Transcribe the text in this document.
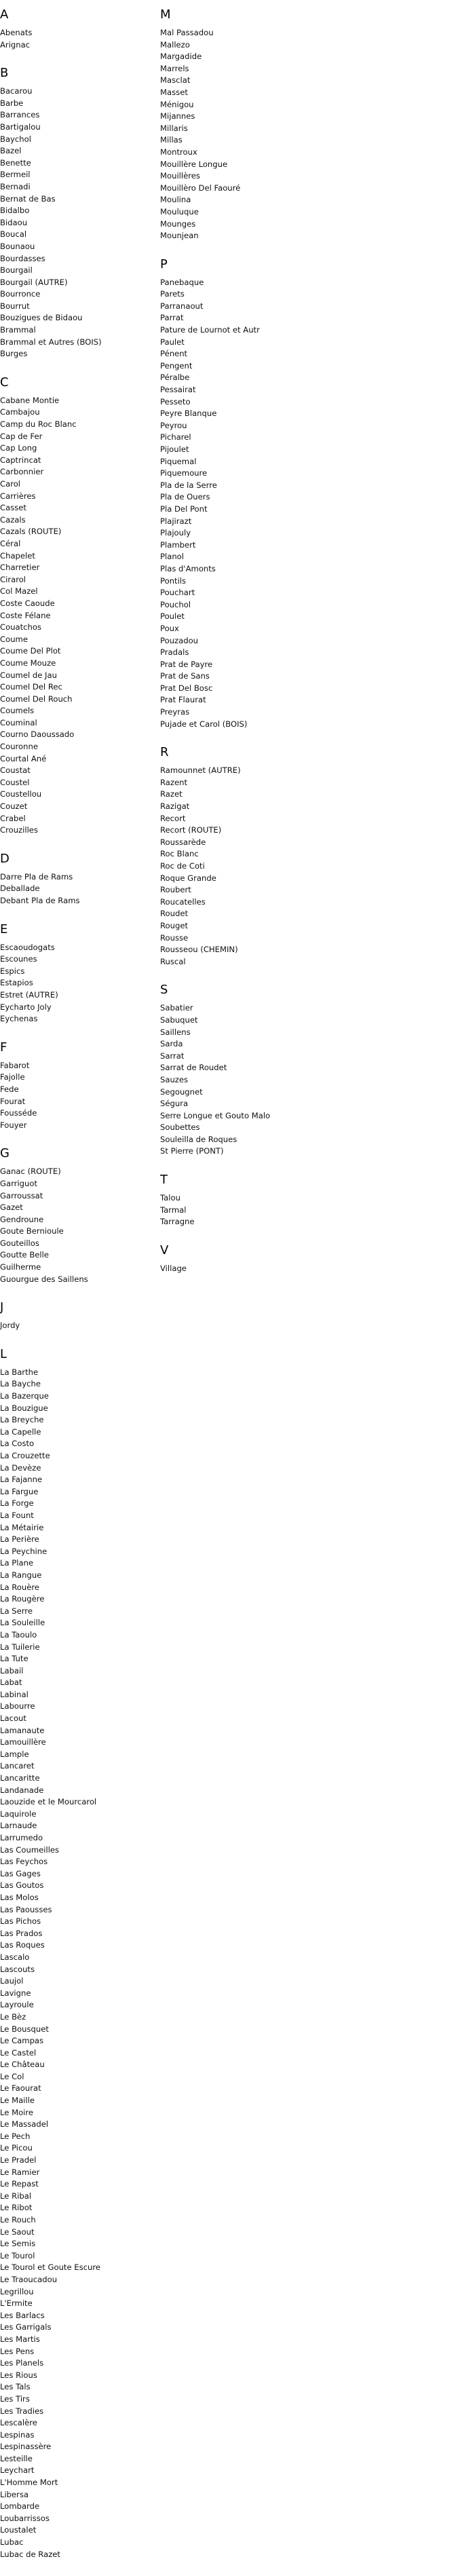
A
Abenats
Arignac
B
Bacarou
Barbe
Barrances
Bartigalou
Baychol
Bazel
Benette
Bermeil
Bernadi
Bernat de Bas
Bidalbo
Bidaou
Boucal
Bounaou
Bourdasses
Bourgail
Bourgail (AUTRE)
Bourronce
Bourrut
Bouzigues de Bidaou
Brammal
Brammal et Autres (BOIS)
Burges
C
Cabane Montie
Cambajou
Camp du Roc Blanc
Cap de Fer
Cap Long
Captrincat
Carbonnier
Carol
Carrières
Casset
Cazals
Cazals (ROUTE)
Céral
Chapelet
Charretier
Cirarol
Col Mazel
Coste Caoude
Coste Félane
Couatchos
Coume
Coume Del Plot
Coume Mouze
Coumel de Jau
Coumel Del Rec
Coumel Del Rouch
Coumels
Couminal
Courno Daoussado
Couronne
Courtal Ané
Coustat
Coustel
Coustellou
Couzet
Crabel
Crouzilles
D
Darre Pla de Rams
Deballade
Debant Pla de Rams
E
Escaoudogats
Escounes
Espics
Estapios
Estret (AUTRE)
Eycharto Joly
Eychenas
F
Fabarot
Fajolle
Fede
Fourat
Fousséde
Fouyer
G
Ganac (ROUTE)
Garriguot
Garroussat
Gazet
Gendroune
Goute Bernioule
Gouteillos
Goutte Belle
Guilherme
Guourgue des Saillens
J
Jordy
L
La Barthe
La Bayche
La Bazerque
La Bouzigue
La Breyche
La Capelle
La Costo
La Crouzette
La Devèze
La Fajanne
La Fargue
La Forge
La Fount
La Métairie
La Perière
La Peychine
La Plane
La Rangue
La Rouère
La Rougère
La Serre
La Souleille
La Taoulo
La Tuilerie
La Tute
Labail
Labat
Labinal
Labourre
Lacout
Lamanaute
Lamouillère
Lample
Lancaret
Lancaritte
Landanade
Laouzide et le Mourcarol
Laquirole
Larnaude
Larrumedo
Las Coumeilles
Las Feychos
Las Gages
Las Goutos
Las Molos
Las Paousses
Las Pichos
Las Prados
Las Roques
Lascalo
Lascouts
Laujol
Lavigne
Layroule
Le Bèz
Le Bousquet
Le Campas
Le Castel
Le Château
Le Col
Le Faourat
Le Maille
Le Moire
Le Massadel
Le Pech
Le Picou
Le Pradel
Le Ramier
Le Repast
Le Ribal
Le Ribot
Le Rouch
Le Saout
Le Semis
Le Tourol
Le Tourol et Goute Escure
Le Traoucadou
Legrillou
L'Ermite
Les Barlacs
Les Garrigals
Les Martis
Les Pens
Les Planels
Les Rious
Les Tals
Les Tirs
Les Tradies
Lescalère
Lespinas
Lespinassère
Lesteille
Leychart
L'Homme Mort
Libersa
Lombarde
Loubarrissos
Loustalet
Lubac
Lubac de Razet
M
Mal Passadou
Mallezo
Margadide
Marrels
Masclat
Masset
Ménigou
Mijannes
Millaris
Millas
Montroux
Mouillère Longue
Mouillères
Mouillèro Del Faouré
Moulina
Mouluque
Mounges
Mounjean
P
Panebaque
Parets
Parranaout
Parrat
Pature de Lournot et Autr
Paulet
Pénent
Pengent
Péralbe
Pessairat
Pesseto
Peyre Blanque
Peyrou
Picharel
Pijoulet
Piquemal
Piquemoure
Pla de la Serre
Pla de Ouers
Pla Del Pont
Plajirazt
Plajouly
Plambert
Planol
Plas d'Amonts
Pontils
Pouchart
Pouchol
Poulet
Poux
Pouzadou
Pradals
Prat de Payre
Prat de Sans
Prat Del Bosc
Prat Flaurat
Preyras
Pujade et Carol (BOIS)
R
Ramounnet (AUTRE)
Razent
Razet
Razigat
Recort
Recort (ROUTE)
Roussarède
Roc Blanc
Roc de Coti
Roque Grande
Roubert
Roucatelles
Roudet
Rouget
Rousse
Rousseou (CHEMIN)
Ruscal
S
Sabatier
Sabuquet
Saillens
Sarda
Sarrat
Sarrat de Roudet
Sauzes
Segougnet
Ségura
Serre Longue et Gouto Malo
Soubettes
Souleilla de Roques
St Pierre (PONT)
T
Talou
Tarmal
Tarragne
V
Village
